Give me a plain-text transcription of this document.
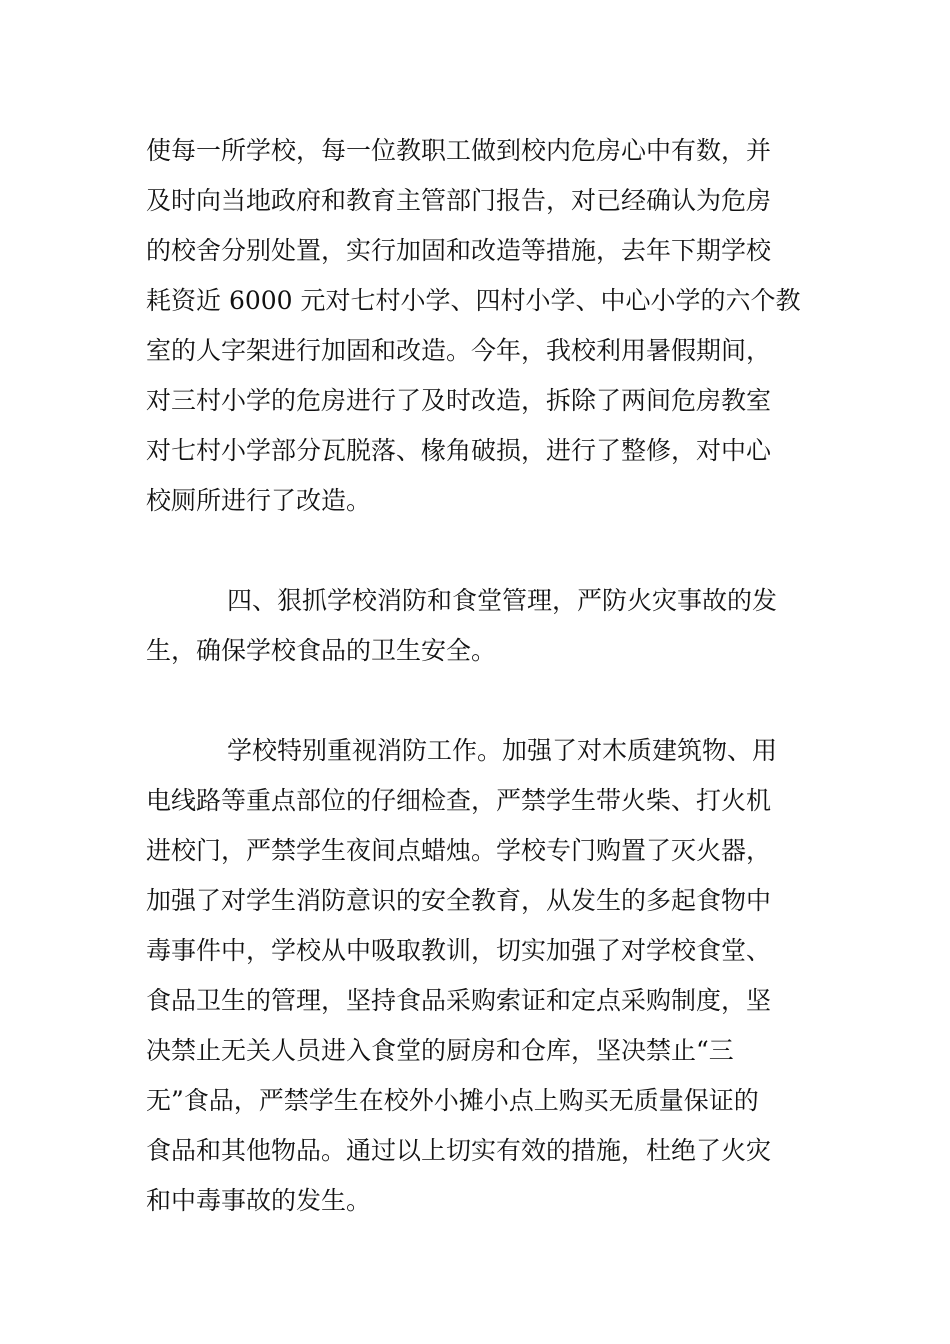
使每一所学校，每一位教职工做到校内危房心中有数，并
及时向当地政府和教育主管部门报告，对已经确认为危房
的校舍分别处置，实行加固和改造等措施，去年下期学校
耗资近 6000 元对七村小学、四村小学、中心小学的六个教
室的人字架进行加固和改造。今年，我校利用暑假期间，
对三村小学的危房进行了及时改造，拆除了两间危房教室
对七村小学部分瓦脱落、椽角破损，进行了整修，对中心
校厕所进行了改造。
四、狠抓学校消防和食堂管理，严防火灾事故的发
生，确保学校食品的卫生安全。
学校特别重视消防工作。加强了对木质建筑物、用
电线路等重点部位的仔细检查，严禁学生带火柴、打火机
进校门，严禁学生夜间点蜡烛。学校专门购置了灭火器，
加强了对学生消防意识的安全教育，从发生的多起食物中
毒事件中，学校从中吸取教训，切实加强了对学校食堂、
食品卫生的管理，坚持食品采购索证和定点采购制度，坚
决禁止无关人员进入食堂的厨房和仓库，坚决禁止“三
无”食品，严禁学生在校外小摊小点上购买无质量保证的
食品和其他物品。通过以上切实有效的措施，杜绝了火灾
和中毒事故的发生。
